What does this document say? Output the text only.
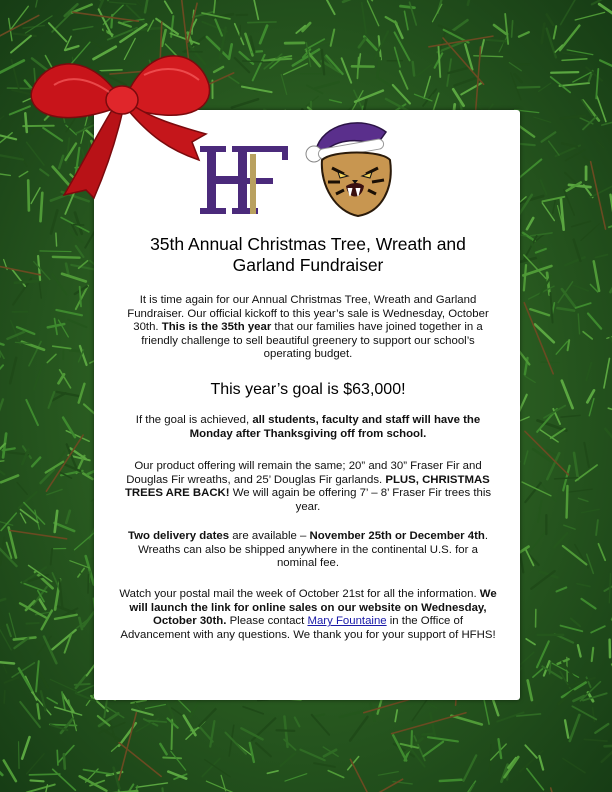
35th Annual Christmas Tree, Wreath and
Garland Fundraiser
It is time again for our Annual Christmas Tree, Wreath and Garland Fundraiser. Our official kickoff to this year’s sale is Wednesday, October 30th. This is the 35th year that our families have joined together in a friendly challenge to sell beautiful greenery to support our school’s operating budget.
This year’s goal is $63,000!
If the goal is achieved, all students, faculty and staff will have the Monday after Thanksgiving off from school.
Our product offering will remain the same; 20” and 30” Fraser Fir and Douglas Fir wreaths, and 25’ Douglas Fir garlands. PLUS, CHRISTMAS TREES ARE BACK! We will again be offering 7’ – 8’ Fraser Fir trees this year.
Two delivery dates are available – November 25th or December 4th. Wreaths can also be shipped anywhere in the continental U.S. for a nominal fee.
Watch your postal mail the week of October 21st for all the information. We will launch the link for online sales on our website on Wednesday, October 30th. Please contact Mary Fountaine in the Office of Advancement with any questions. We thank you for your support of HFHS!
